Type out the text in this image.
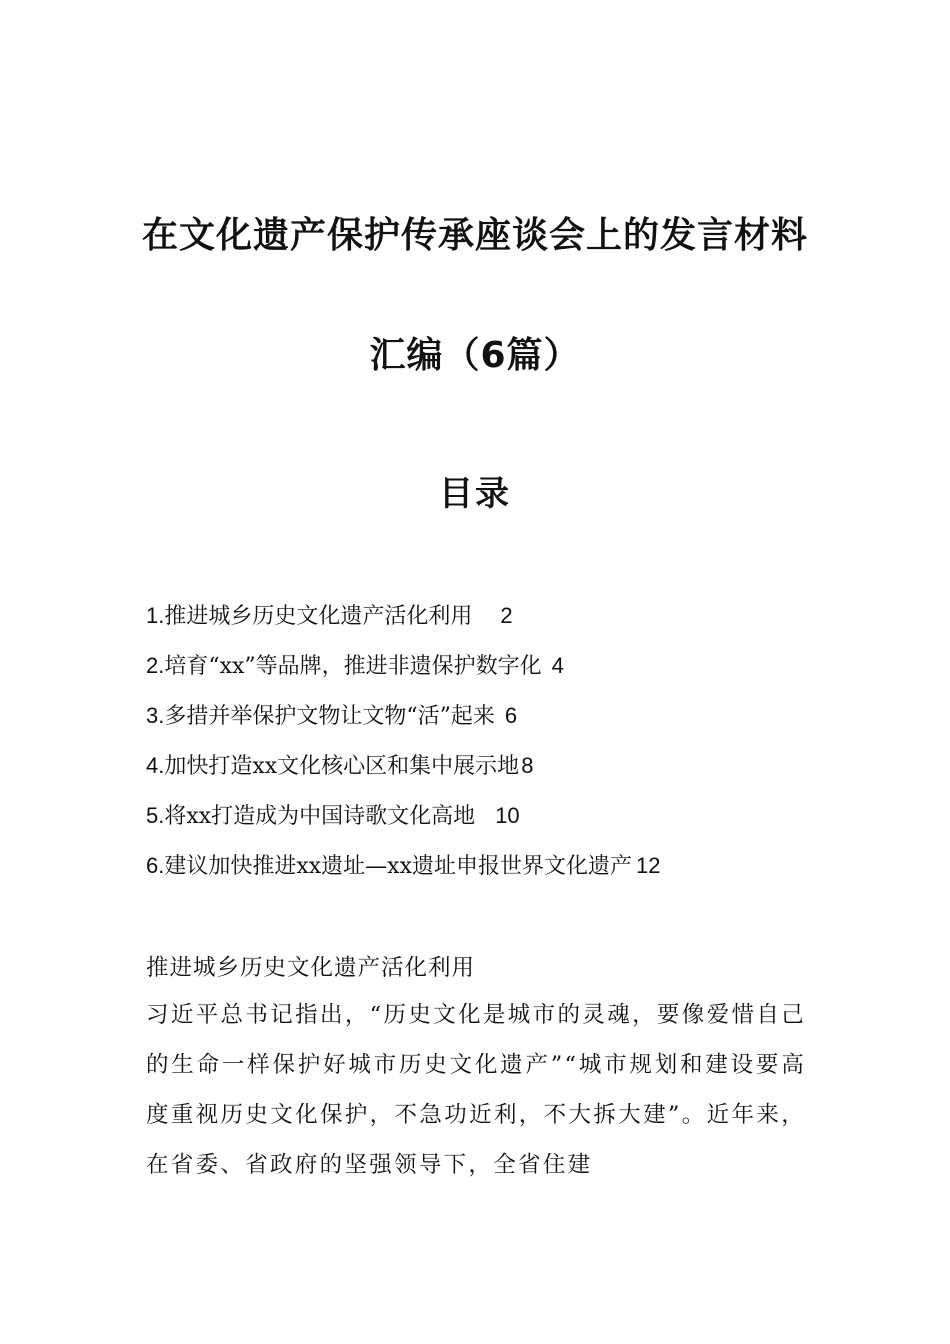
在文化遗产保护传承座谈会上的发言材料
汇编（6篇）
目录
1.推进城乡历史文化遗产活化利用 2
2.培育“xx”等品牌，推进非遗保护数字化 4
3.多措并举保护文物让文物“活”起来 6
4.加快打造xx文化核心区和集中展示地8
5.将xx打造成为中国诗歌文化高地 10
6.建议加快推进xx遗址—xx遗址申报世界文化遗产 12
推进城乡历史文化遗产活化利用

习近平总书记指出，“历史文化是城市的灵魂，要像爱惜自己的生命一样保护好城市历史文化遗产”“城市规划和建设要高度重视历史文化保护，不急功近利，不大拆大建”。近年来，在省委、省政府的坚强领导下，全省住建
